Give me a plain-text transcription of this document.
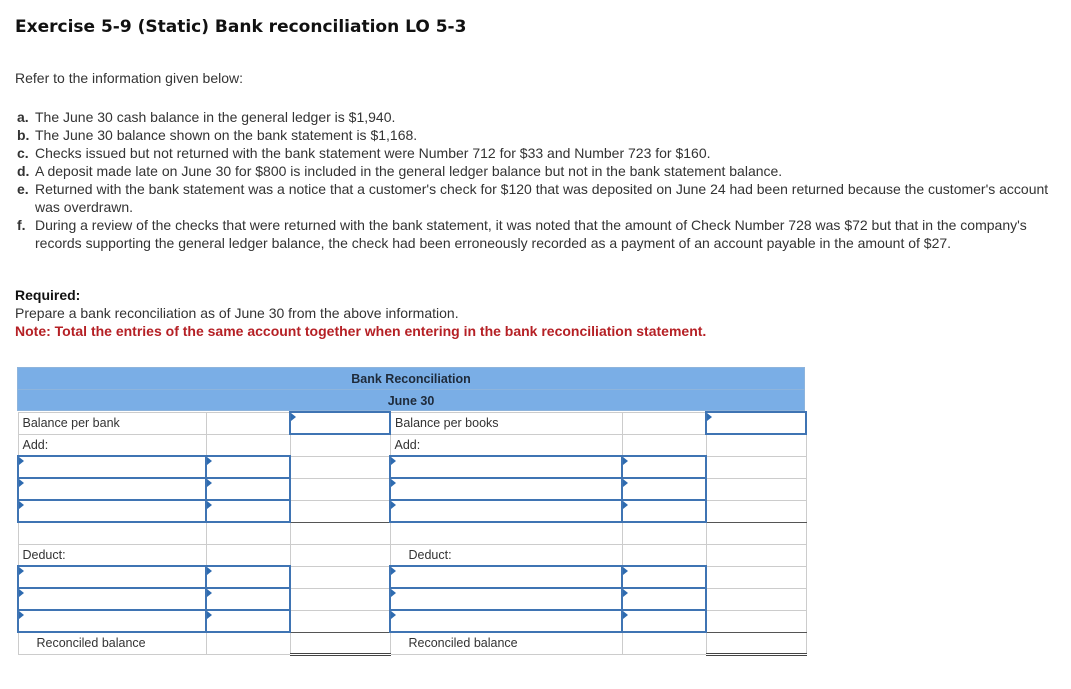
Exercise 5-9 (Static) Bank reconciliation LO 5-3

Refer to the information given below:

a. The June 30 cash balance in the general ledger is $1,940.
b. The June 30 balance shown on the bank statement is $1,168.
c. Checks issued but not returned with the bank statement were Number 712 for $33 and Number 723 for $160.
d. A deposit made late on June 30 for $800 is included in the general ledger balance but not in the bank statement balance.
e. Returned with the bank statement was a notice that a customer's check for $120 that was deposited on June 24 had been returned because the customer's account was overdrawn.
f. During a review of the checks that were returned with the bank statement, it was noted that the amount of Check Number 728 was $72 but that in the company's records supporting the general ledger balance, the check had been erroneously recorded as a payment of an account payable in the amount of $27.

Required:

Prepare a bank reconciliation as of June 30 from the above information.

Note: Total the entries of the same account together when entering in the bank reconciliation statement.

Bank Reconciliation
June 30
Balance per bank			Balance per books		

Add:			Add:		

Deduct:			Deduct:		

Reconciled balance			Reconciled balance		
